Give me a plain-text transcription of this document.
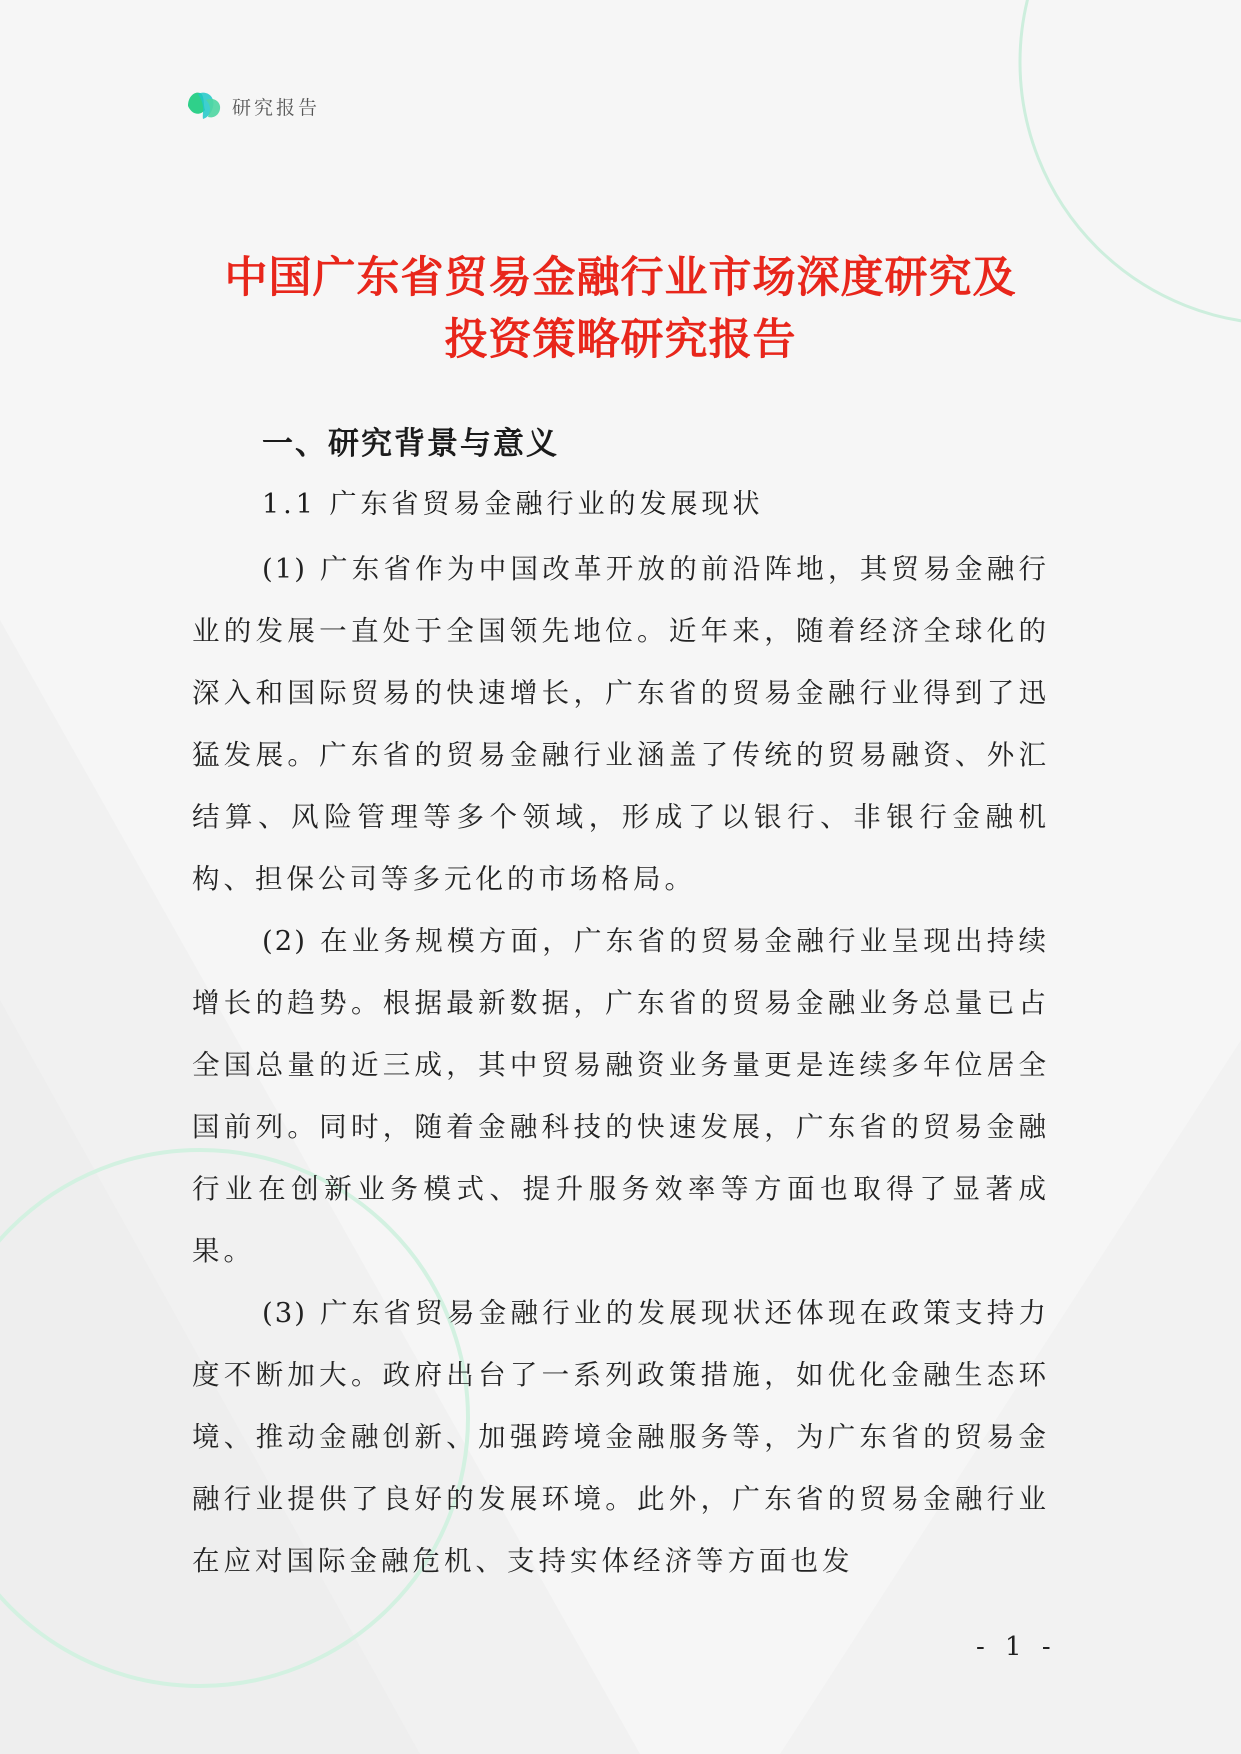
研究报告
中国广东省贸易金融行业市场深度研究及
投资策略研究报告
一、研究背景与意义
1.1 广东省贸易金融行业的发展现状

(1) 广东省作为中国改革开放的前沿阵地，其贸易金融行业的发展一直处于全国领先地位。近年来，随着经济全球化的深入和国际贸易的快速增长，广东省的贸易金融行业得到了迅猛发展。广东省的贸易金融行业涵盖了传统的贸易融资、外汇结算、风险管理等多个领域，形成了以银行、非银行金融机构、担保公司等多元化的市场格局。

(2) 在业务规模方面，广东省的贸易金融行业呈现出持续增长的趋势。根据最新数据，广东省的贸易金融业务总量已占全国总量的近三成，其中贸易融资业务量更是连续多年位居全国前列。同时，随着金融科技的快速发展，广东省的贸易金融行业在创新业务模式、提升服务效率等方面也取得了显著成果。

(3) 广东省贸易金融行业的发展现状还体现在政策支持力度不断加大。政府出台了一系列政策措施，如优化金融生态环境、推动金融创新、加强跨境金融服务等，为广东省的贸易金融行业提供了良好的发展环境。此外，广东省的贸易金融行业在应对国际金融危机、支持实体经济等方面也发

- 1 -
